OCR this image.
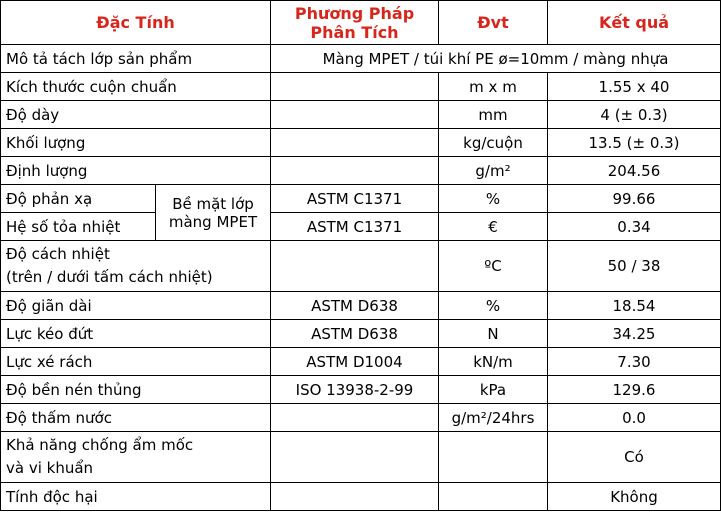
Đặc Tính		Phương Pháp Phân Tích	Đvt	Kết quả
Mô tả tách lớp sản phẩm		Màng MPET / túi khí PE ø=10mm / màng nhựa		
Kích thước cuộn chuẩn			m x m	1.55 x 40
Độ dày			mm	4 (± 0.3)
Khối lượng			kg/cuộn	13.5 (± 0.3)
Định lượng			g/m²	204.56
Độ phản xạ	Bề mặt lớp màng MPET	ASTM C1371	%	99.66
Hệ số tỏa nhiệt		ASTM C1371	€	0.34
Độ cách nhiệt
(trên / dưới tấm cách nhiệt)			ºC	50 / 38
Độ giãn dài		ASTM D638	%	18.54
Lực kéo đứt		ASTM D638	N	34.25
Lực xé rách		ASTM D1004	kN/m	7.30
Độ bền nén thủng		ISO 13938-2-99	kPa	129.6
Độ thấm nước			g/m²/24hrs	0.0
Khả năng chống ẩm mốc
và vi khuẩn				Có
Tính độc hại				Không
